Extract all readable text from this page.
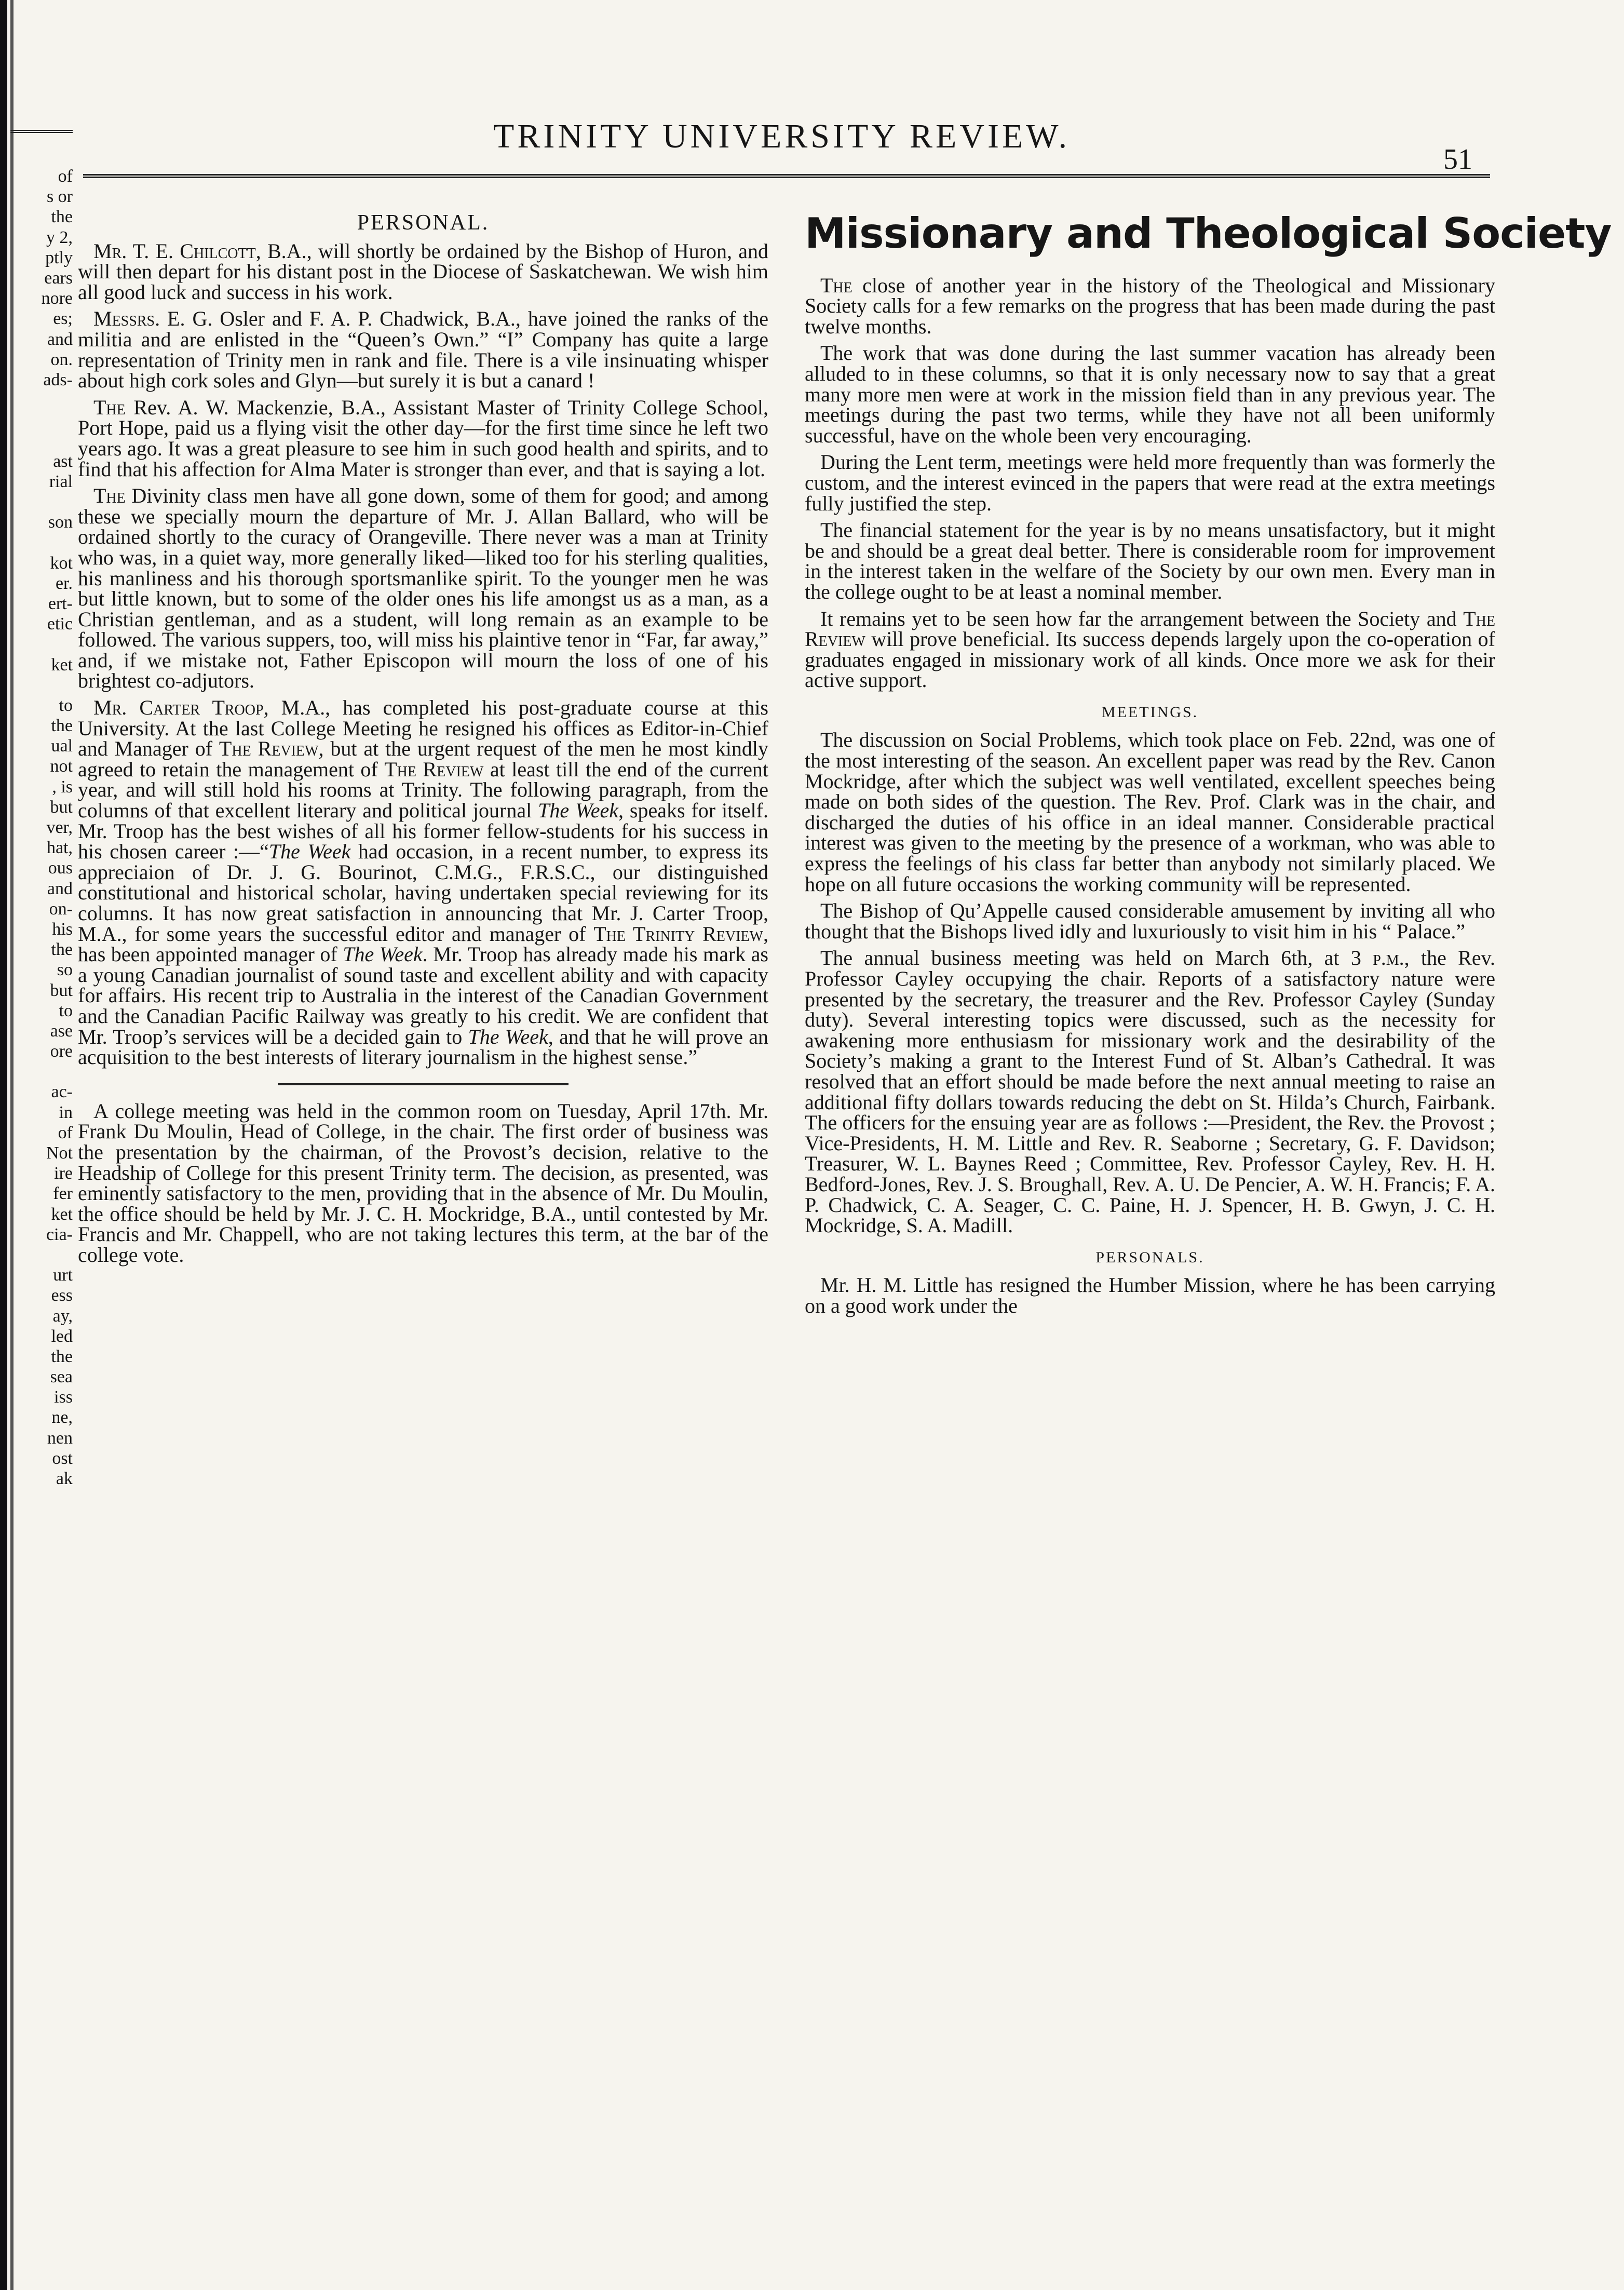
of
s or
the
y 2,
ptly
ears
nore
es;
and
on.
ads-
ast
rial
son
kot
er.
ert-
etic
ket
to
the
ual
not
, is
but
ver,
hat,
ous
and
on-
his
the
so
but
to
ase
ore
ac-
in
of
Not
ire
fer
ket
cia-
urt
ess
ay,
led
the
sea
iss
ne,
nen
ost
ak
TRINITY UNIVERSITY REVIEW.
51
PERSONAL.

Mr. T. E. Chilcott, B.A., will shortly be ordained by the Bishop of Huron, and will then depart for his distant post in the Diocese of Saskatchewan. We wish him all good luck and success in his work.

Messrs. E. G. Osler and F. A. P. Chadwick, B.A., have joined the ranks of the militia and are enlisted in the “Queen’s Own.” “I” Company has quite a large representation of Trinity men in rank and file. There is a vile insinuating whisper about high cork soles and Glyn—but surely it is but a canard !

The Rev. A. W. Mackenzie, B.A., Assistant Master of Trinity College School, Port Hope, paid us a flying visit the other day—for the first time since he left two years ago. It was a great pleasure to see him in such good health and spirits, and to find that his affection for Alma Mater is stronger than ever, and that is saying a lot.

The Divinity class men have all gone down, some of them for good; and among these we specially mourn the departure of Mr. J. Allan Ballard, who will be ordained shortly to the curacy of Orangeville. There never was a man at Trinity who was, in a quiet way, more generally liked—liked too for his sterling qualities, his manliness and his thorough sportsmanlike spirit. To the younger men he was but little known, but to some of the older ones his life amongst us as a man, as a Christian gentleman, and as a student, will long remain as an example to be followed. The various suppers, too, will miss his plaintive tenor in “Far, far away,” and, if we mistake not, Father Episcopon will mourn the loss of one of his brightest co-adjutors.

Mr. Carter Troop, M.A., has completed his post-graduate course at this University. At the last College Meeting he resigned his offices as Editor-in-Chief and Manager of The Review, but at the urgent request of the men he most kindly agreed to retain the management of The Review at least till the end of the current year, and will still hold his rooms at Trinity. The following paragraph, from the columns of that excellent literary and political journal The Week, speaks for itself. Mr. Troop has the best wishes of all his former fellow-students for his success in his chosen career :—“The Week had occasion, in a recent number, to express its appreciaion of Dr. J. G. Bourinot, C.M.G., F.R.S.C., our distinguished constitutional and historical scholar, having undertaken special reviewing for its columns. It has now great satisfaction in announcing that Mr. J. Carter Troop, M.A., for some years the successful editor and manager of The Trinity Review, has been appointed manager of The Week. Mr. Troop has already made his mark as a young Canadian journalist of sound taste and excellent ability and with capacity for affairs. His recent trip to Australia in the interest of the Canadian Government and the Canadian Pacific Railway was greatly to his credit. We are confident that Mr. Troop’s services will be a decided gain to The Week, and that he will prove an acquisition to the best interests of literary journalism in the highest sense.”

A college meeting was held in the common room on Tuesday, April 17th. Mr. Frank Du Moulin, Head of College, in the chair. The first order of business was the presentation by the chairman, of the Provost’s decision, relative to the Headship of College for this present Trinity term. The decision, as presented, was eminently satisfactory to the men, providing that in the absence of Mr. Du Moulin, the office should be held by Mr. J. C. H. Mockridge, B.A., until contested by Mr. Francis and Mr. Chappell, who are not taking lectures this term, at the bar of the college vote.

Missionary and Theological Society

The close of another year in the history of the Theological and Missionary Society calls for a few remarks on the progress that has been made during the past twelve months.

The work that was done during the last summer vacation has already been alluded to in these columns, so that it is only necessary now to say that a great many more men were at work in the mission field than in any previous year. The meetings during the past two terms, while they have not all been uniformly successful, have on the whole been very encouraging.

During the Lent term, meetings were held more frequently than was formerly the custom, and the interest evinced in the papers that were read at the extra meetings fully justified the step.

The financial statement for the year is by no means unsatisfactory, but it might be and should be a great deal better. There is considerable room for improvement in the interest taken in the welfare of the Society by our own men. Every man in the college ought to be at least a nominal member.

It remains yet to be seen how far the arrangement between the Society and The Review will prove beneficial. Its success depends largely upon the co-operation of graduates engaged in missionary work of all kinds. Once more we ask for their active support.

MEETINGS.

The discussion on Social Problems, which took place on Feb. 22nd, was one of the most interesting of the season. An excellent paper was read by the Rev. Canon Mockridge, after which the subject was well ventilated, excellent speeches being made on both sides of the question. The Rev. Prof. Clark was in the chair, and discharged the duties of his office in an ideal manner. Considerable practical interest was given to the meeting by the presence of a workman, who was able to express the feelings of his class far better than anybody not similarly placed. We hope on all future occasions the working community will be represented.

The Bishop of Qu’Appelle caused considerable amusement by inviting all who thought that the Bishops lived idly and luxuriously to visit him in his “ Palace.”

The annual business meeting was held on March 6th, at 3 p.m., the Rev. Professor Cayley occupying the chair. Reports of a satisfactory nature were presented by the secretary, the treasurer and the Rev. Professor Cayley (Sunday duty). Several interesting topics were discussed, such as the necessity for awakening more enthusiasm for missionary work and the desirability of the Society’s making a grant to the Interest Fund of St. Alban’s Cathedral. It was resolved that an effort should be made before the next annual meeting to raise an additional fifty dollars towards reducing the debt on St. Hilda’s Church, Fairbank. The officers for the ensuing year are as follows :—President, the Rev. the Provost ; Vice-Presidents, H. M. Little and Rev. R. Seaborne ; Secretary, G. F. Davidson; Treasurer, W. L. Baynes Reed ; Committee, Rev. Professor Cayley, Rev. H. H. Bedford-Jones, Rev. J. S. Broughall, Rev. A. U. De Pencier, A. W. H. Francis; F. A. P. Chadwick, C. A. Seager, C. C. Paine, H. J. Spencer, H. B. Gwyn, J. C. H. Mockridge, S. A. Madill.

PERSONALS.

Mr. H. M. Little has resigned the Humber Mission, where he has been carrying on a good work under the
